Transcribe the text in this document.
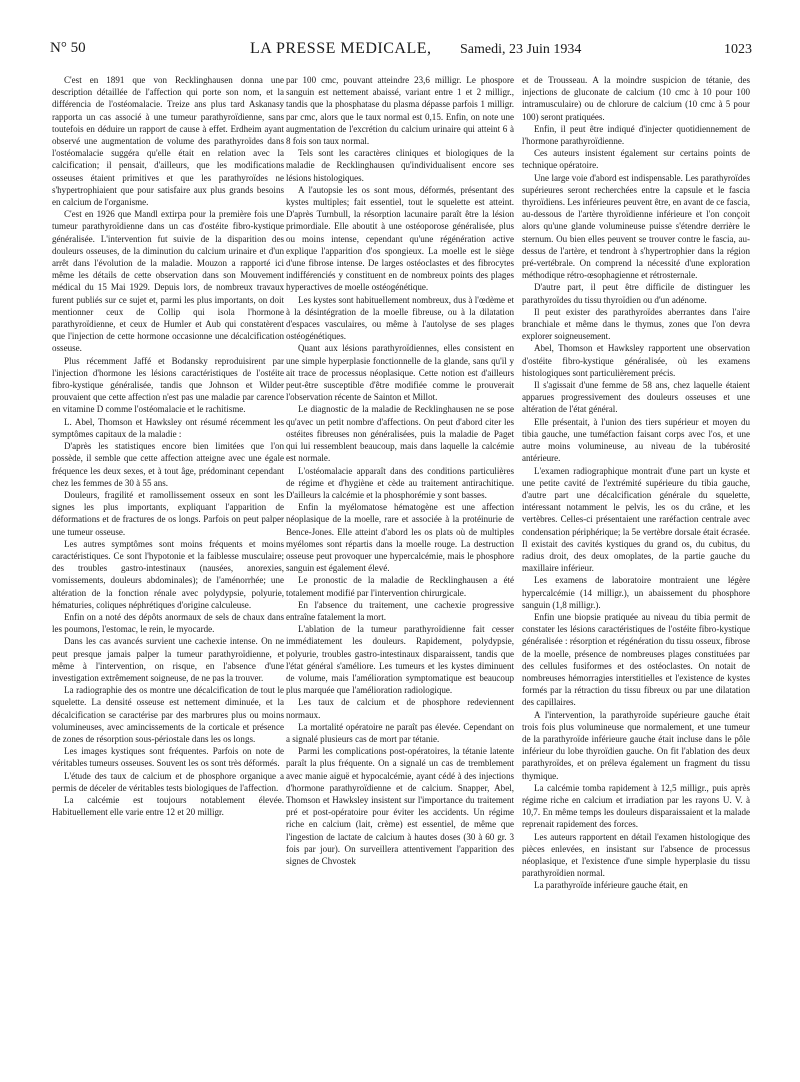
N° 50	LA PRESSE MEDICALE, Samedi, 23 Juin 1934	1023

C'est en 1891 que von Recklinghausen donna une description détaillée de l'affection qui porte son nom, et la différencia de l'ostéomalacie. Treize ans plus tard Askanasy rapporta un cas associé à une tumeur parathyroïdienne, sans toutefois en déduire un rapport de cause à effet. Erdheim ayant observé une augmentation de volume des parathyroïdes dans l'ostéomalacie suggéra qu'elle était en relation avec la calcification; il pensait, d'ailleurs, que les modifications osseuses étaient primitives et que les parathyroïdes ne s'hypertrophiaient que pour satisfaire aux plus grands besoins en calcium de l'organisme.

C'est en 1926 que Mandl extirpa pour la première fois une tumeur parathyroïdienne dans un cas d'ostéite fibro-kystique généralisée. L'intervention fut suivie de la disparition des douleurs osseuses, de la diminution du calcium urinaire et d'un arrêt dans l'évolution de la maladie. Mouzon a rapporté ici même les détails de cette observation dans son Mouvement médical du 15 Mai 1929. Depuis lors, de nombreux travaux furent publiés sur ce sujet et, parmi les plus importants, on doit mentionner ceux de Collip qui isola l'hormone parathyroïdienne, et ceux de Humler et Aub qui constatèrent que l'injection de cette hormone occasionne une décalcification osseuse.

Plus récemment Jaffé et Bodansky reproduisirent par l'injection d'hormone les lésions caractéristiques de l'ostéite fibro-kystique généralisée, tandis que Johnson et Wilder prouvaient que cette affection n'est pas une maladie par carence en vitamine D comme l'ostéomalacie et le rachitisme.

L. Abel, Thomson et Hawksley ont résumé récemment les symptômes capitaux de la maladie :

D'après les statistiques encore bien limitées que l'on possède, il semble que cette affection atteigne avec une égale fréquence les deux sexes, et à tout âge, prédominant cependant chez les femmes de 30 à 55 ans.

Douleurs, fragilité et ramollissement osseux en sont les signes les plus importants, expliquant l'apparition de déformations et de fractures de os longs. Parfois on peut palper une tumeur osseuse.

Les autres symptômes sont moins fréquents et moins caractéristiques. Ce sont l'hypotonie et la faiblesse musculaire; des troubles gastro-intestinaux (nausées, anorexies, vomissements, douleurs abdominales); de l'aménorrhée; une altération de la fonction rénale avec polydypsie, polyurie, hématuries, coliques néphrétiques d'origine calculeuse.

Enfin on a noté des dépôts anormaux de sels de chaux dans les poumons, l'estomac, le rein, le myocarde.

Dans les cas avancés survient une cachexie intense. On ne peut presque jamais palper la tumeur parathyroïdienne, et même à l'intervention, on risque, en l'absence d'une investigation extrêmement soigneuse, de ne pas la trouver.

La radiographie des os montre une décalcification de tout le squelette. La densité osseuse est nettement diminuée, et la décalcification se caractérise par des marbrures plus ou moins volumineuses, avec amincissements de la corticale et présence de zones de résorption sous-périostale dans les os longs.

Les images kystiques sont fréquentes. Parfois on note de véritables tumeurs osseuses. Souvent les os sont très déformés.

L'étude des taux de calcium et de phosphore organique a permis de déceler de véritables tests biologiques de l'affection.

La calcémie est toujours notablement élevée. Habituellement elle varie entre 12 et 20 milligr.

par 100 cmc, pouvant atteindre 23,6 milligr. Le phospore sanguin est nettement abaissé, variant entre 1 et 2 milligr., tandis que la phosphatase du plasma dépasse parfois 1 milligr. par cmc, alors que le taux normal est 0,15. Enfin, on note une augmentation de l'excrétion du calcium urinaire qui atteint 6 à 8 fois son taux normal.

Tels sont les caractères cliniques et biologiques de la maladie de Recklinghausen qu'individualisent encore ses lésions histologiques.

A l'autopsie les os sont mous, déformés, présentant des kystes multiples; fait essentiel, tout le squelette est atteint. D'après Turnbull, la résorption lacunaire paraît être la lésion primordiale. Elle aboutit à une ostéoporose généralisée, plus ou moins intense, cependant qu'une régénération active explique l'apparition d'os spongieux. La moelle est le siège d'une fibrose intense. De larges ostéoclastes et des fibrocytes indifférenciés y constituent en de nombreux points des plages hyperactives de moelle ostéogénétique.

Les kystes sont habituellement nombreux, dus à l'œdème et à la désintégration de la moelle fibreuse, ou à la dilatation d'espaces vasculaires, ou même à l'autolyse de ses plages ostéogénétiques.

Quant aux lésions parathyroïdiennes, elles consistent en une simple hyperplasie fonctionnelle de la glande, sans qu'il y ait trace de processus néoplasique. Cette notion est d'ailleurs peut-être susceptible d'être modifiée comme le prouverait l'observation récente de Sainton et Millot.

Le diagnostic de la maladie de Recklinghausen ne se pose qu'avec un petit nombre d'affections. On peut d'abord citer les ostéites fibreuses non généralisées, puis la maladie de Paget qui lui ressemblent beaucoup, mais dans laquelle la calcémie est normale.

L'ostéomalacie apparaît dans des conditions particulières de régime et d'hygiène et cède au traitement antirachitique. D'ailleurs la calcémie et la phosphorémie y sont basses.

Enfin la myélomatose hématogène est une affection néoplasique de la moelle, rare et associée à la protéinurie de Bence-Jones. Elle atteint d'abord les os plats où de multiples myélomes sont répartis dans la moelle rouge. La destruction osseuse peut provoquer une hypercalcémie, mais le phosphore sanguin est également élevé.

Le pronostic de la maladie de Recklinghausen a été totalement modifié par l'intervention chirurgicale.

En l'absence du traitement, une cachexie progressive entraîne fatalement la mort.

L'ablation de la tumeur parathyroïdienne fait cesser immédiatement les douleurs. Rapidement, polydypsie, polyurie, troubles gastro-intestinaux disparaissent, tandis que l'état général s'améliore. Les tumeurs et les kystes diminuent de volume, mais l'amélioration symptomatique est beaucoup plus marquée que l'amélioration radiologique.

Les taux de calcium et de phosphore redeviennent normaux.

La mortalité opératoire ne paraît pas élevée. Cependant on a signalé plusieurs cas de mort par tétanie.

Parmi les complications post-opératoires, la tétanie latente paraît la plus fréquente. On a signalé un cas de tremblement avec manie aiguë et hypocalcémie, ayant cédé à des injections d'hormone parathyroïdienne et de calcium. Snapper, Abel, Thomson et Hawksley insistent sur l'importance du traitement pré et post-opératoire pour éviter les accidents. Un régime riche en calcium (lait, crème) est essentiel, de même que l'ingestion de lactate de calcium à hautes doses (30 à 60 gr. 3 fois par jour). On surveillera attentivement l'apparition des signes de Chvostek

et de Trousseau. A la moindre suspicion de tétanie, des injections de gluconate de calcium (10 cmc à 10 pour 100 intramusculaire) ou de chlorure de calcium (10 cmc à 5 pour 100) seront pratiquées.

Enfin, il peut être indiqué d'injecter quotidiennement de l'hormone parathyroïdienne.

Ces auteurs insistent également sur certains points de technique opératoire.

Une large voie d'abord est indispensable. Les parathyroïdes supérieures seront recherchées entre la capsule et le fascia thyroïdiens. Les inférieures peuvent être, en avant de ce fascia, au-dessous de l'artère thyroïdienne inférieure et l'on conçoit alors qu'une glande volumineuse puisse s'étendre derrière le sternum. Ou bien elles peuvent se trouver contre le fascia, au-dessus de l'artère, et tendront à s'hypertrophier dans la région pré-vertébrale. On comprend la nécessité d'une exploration méthodique rétro-œsophagienne et rétrosternale.

D'autre part, il peut être difficile de distinguer les parathyroïdes du tissu thyroïdien ou d'un adénome.

Il peut exister des parathyroïdes aberrantes dans l'aire branchiale et même dans le thymus, zones que l'on devra explorer soigneusement.

Abel, Thomson et Hawksley rapportent une observation d'ostéite fibro-kystique généralisée, où les examens histologiques sont particulièrement précis.

Il s'agissait d'une femme de 58 ans, chez laquelle étaient apparues progressivement des douleurs osseuses et une altération de l'état général.

Elle présentait, à l'union des tiers supérieur et moyen du tibia gauche, une tuméfaction faisant corps avec l'os, et une autre moins volumineuse, au niveau de la tubérosité antérieure.

L'examen radiographique montrait d'une part un kyste et une petite cavité de l'extrémité supérieure du tibia gauche, d'autre part une décalcification générale du squelette, intéressant notamment le pelvis, les os du crâne, et les vertèbres. Celles-ci présentaient une raréfaction centrale avec condensation périphérique; la 5e vertèbre dorsale était écrasée. Il existait des cavités kystiques du grand os, du cubitus, du radius droit, des deux omoplates, de la partie gauche du maxillaire inférieur.

Les examens de laboratoire montraient une légère hypercalcémie (14 milligr.), un abaissement du phosphore sanguin (1,8 milligr.).

Enfin une biopsie pratiquée au niveau du tibia permit de constater les lésions caractéristiques de l'ostéite fibro-kystique généralisée : résorption et régénération du tissu osseux, fibrose de la moelle, présence de nombreuses plages constituées par des cellules fusiformes et des ostéoclastes. On notait de nombreuses hémorragies interstitielles et l'existence de kystes formés par la rétraction du tissu fibreux ou par une dilatation des capillaires.

A l'intervention, la parathyroïde supérieure gauche était trois fois plus volumineuse que normalement, et une tumeur de la parathyroïde inférieure gauche était incluse dans le pôle inférieur du lobe thyroïdien gauche. On fit l'ablation des deux parathyroïdes, et on préleva également un fragment du tissu thymique.

La calcémie tomba rapidement à 12,5 milligr., puis après régime riche en calcium et irradiation par les rayons U. V. à 10,7. En même temps les douleurs disparaissaient et la malade reprenait rapidement des forces.

Les auteurs rapportent en détail l'examen histologique des pièces enlevées, en insistant sur l'absence de processus néoplasique, et l'existence d'une simple hyperplasie du tissu parathyroïdien normal.

La parathyroïde inférieure gauche était, en
